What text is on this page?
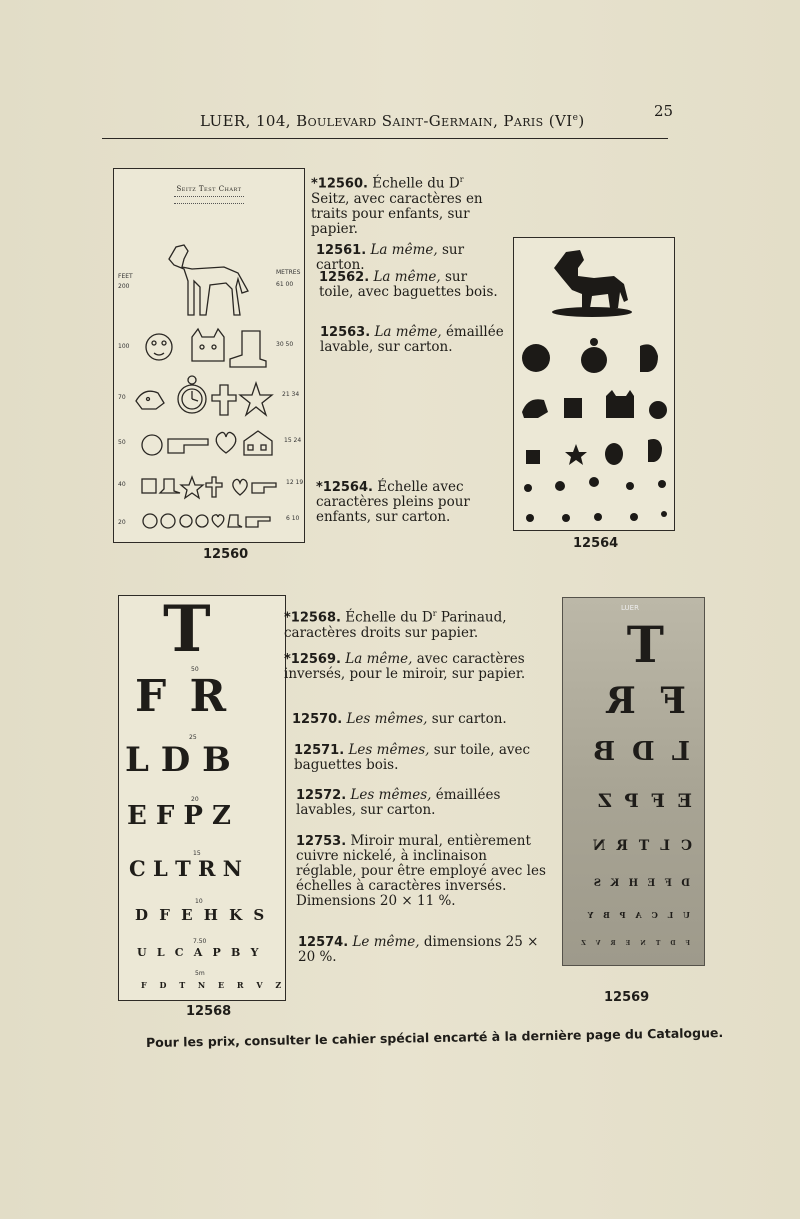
LUER, 104, Boulevard Saint-Germain, Paris (VIe)
25
Seitz Test Chart
FEET
200
100
70
50
40
20
METRES
61 00
30 50
21 34
15 24
12 19
6 10
12560
*12560. Échelle du $D^r$ Seitz, avec caractères en traits pour enfants, sur papier.
12561. La même, sur carton.
12562. La même, sur toile, avec baguettes bois.
12563. La même, émaillée lavable, sur carton.
*12564. Échelle avec caractères pleins pour enfants, sur carton.
12564
T
50
F R
25
L D B
20
E F P Z
15
C L T R N
10
D F E H K S
7.50
U L C A P B Y
5m
F D T N E R V Z
12568
*12568. Échelle du $D^r$ Parinaud, caractères droits sur papier.
*12569. La même, avec caractères inversés, pour le miroir, sur papier.
12570. Les mêmes, sur carton.
12571. Les mêmes, sur toile, avec baguettes bois.
12572. Les mêmes, émaillées lavables, sur carton.
12753. Miroir mural, entièrement cuivre nickelé, à inclinaison réglable, pour être employé avec les échelles à caractères inversés. Dimensions 20 × 11 %.
12574. Le même, dimensions 25 × 20 %.
LUER
T
F R
L D B
E F P Z
C L T R N
D F E H K S
U L C A P B Y
F D T N E R V Z
12569
Pour les prix, consulter le cahier spécial encarté à la dernière page du Catalogue.
